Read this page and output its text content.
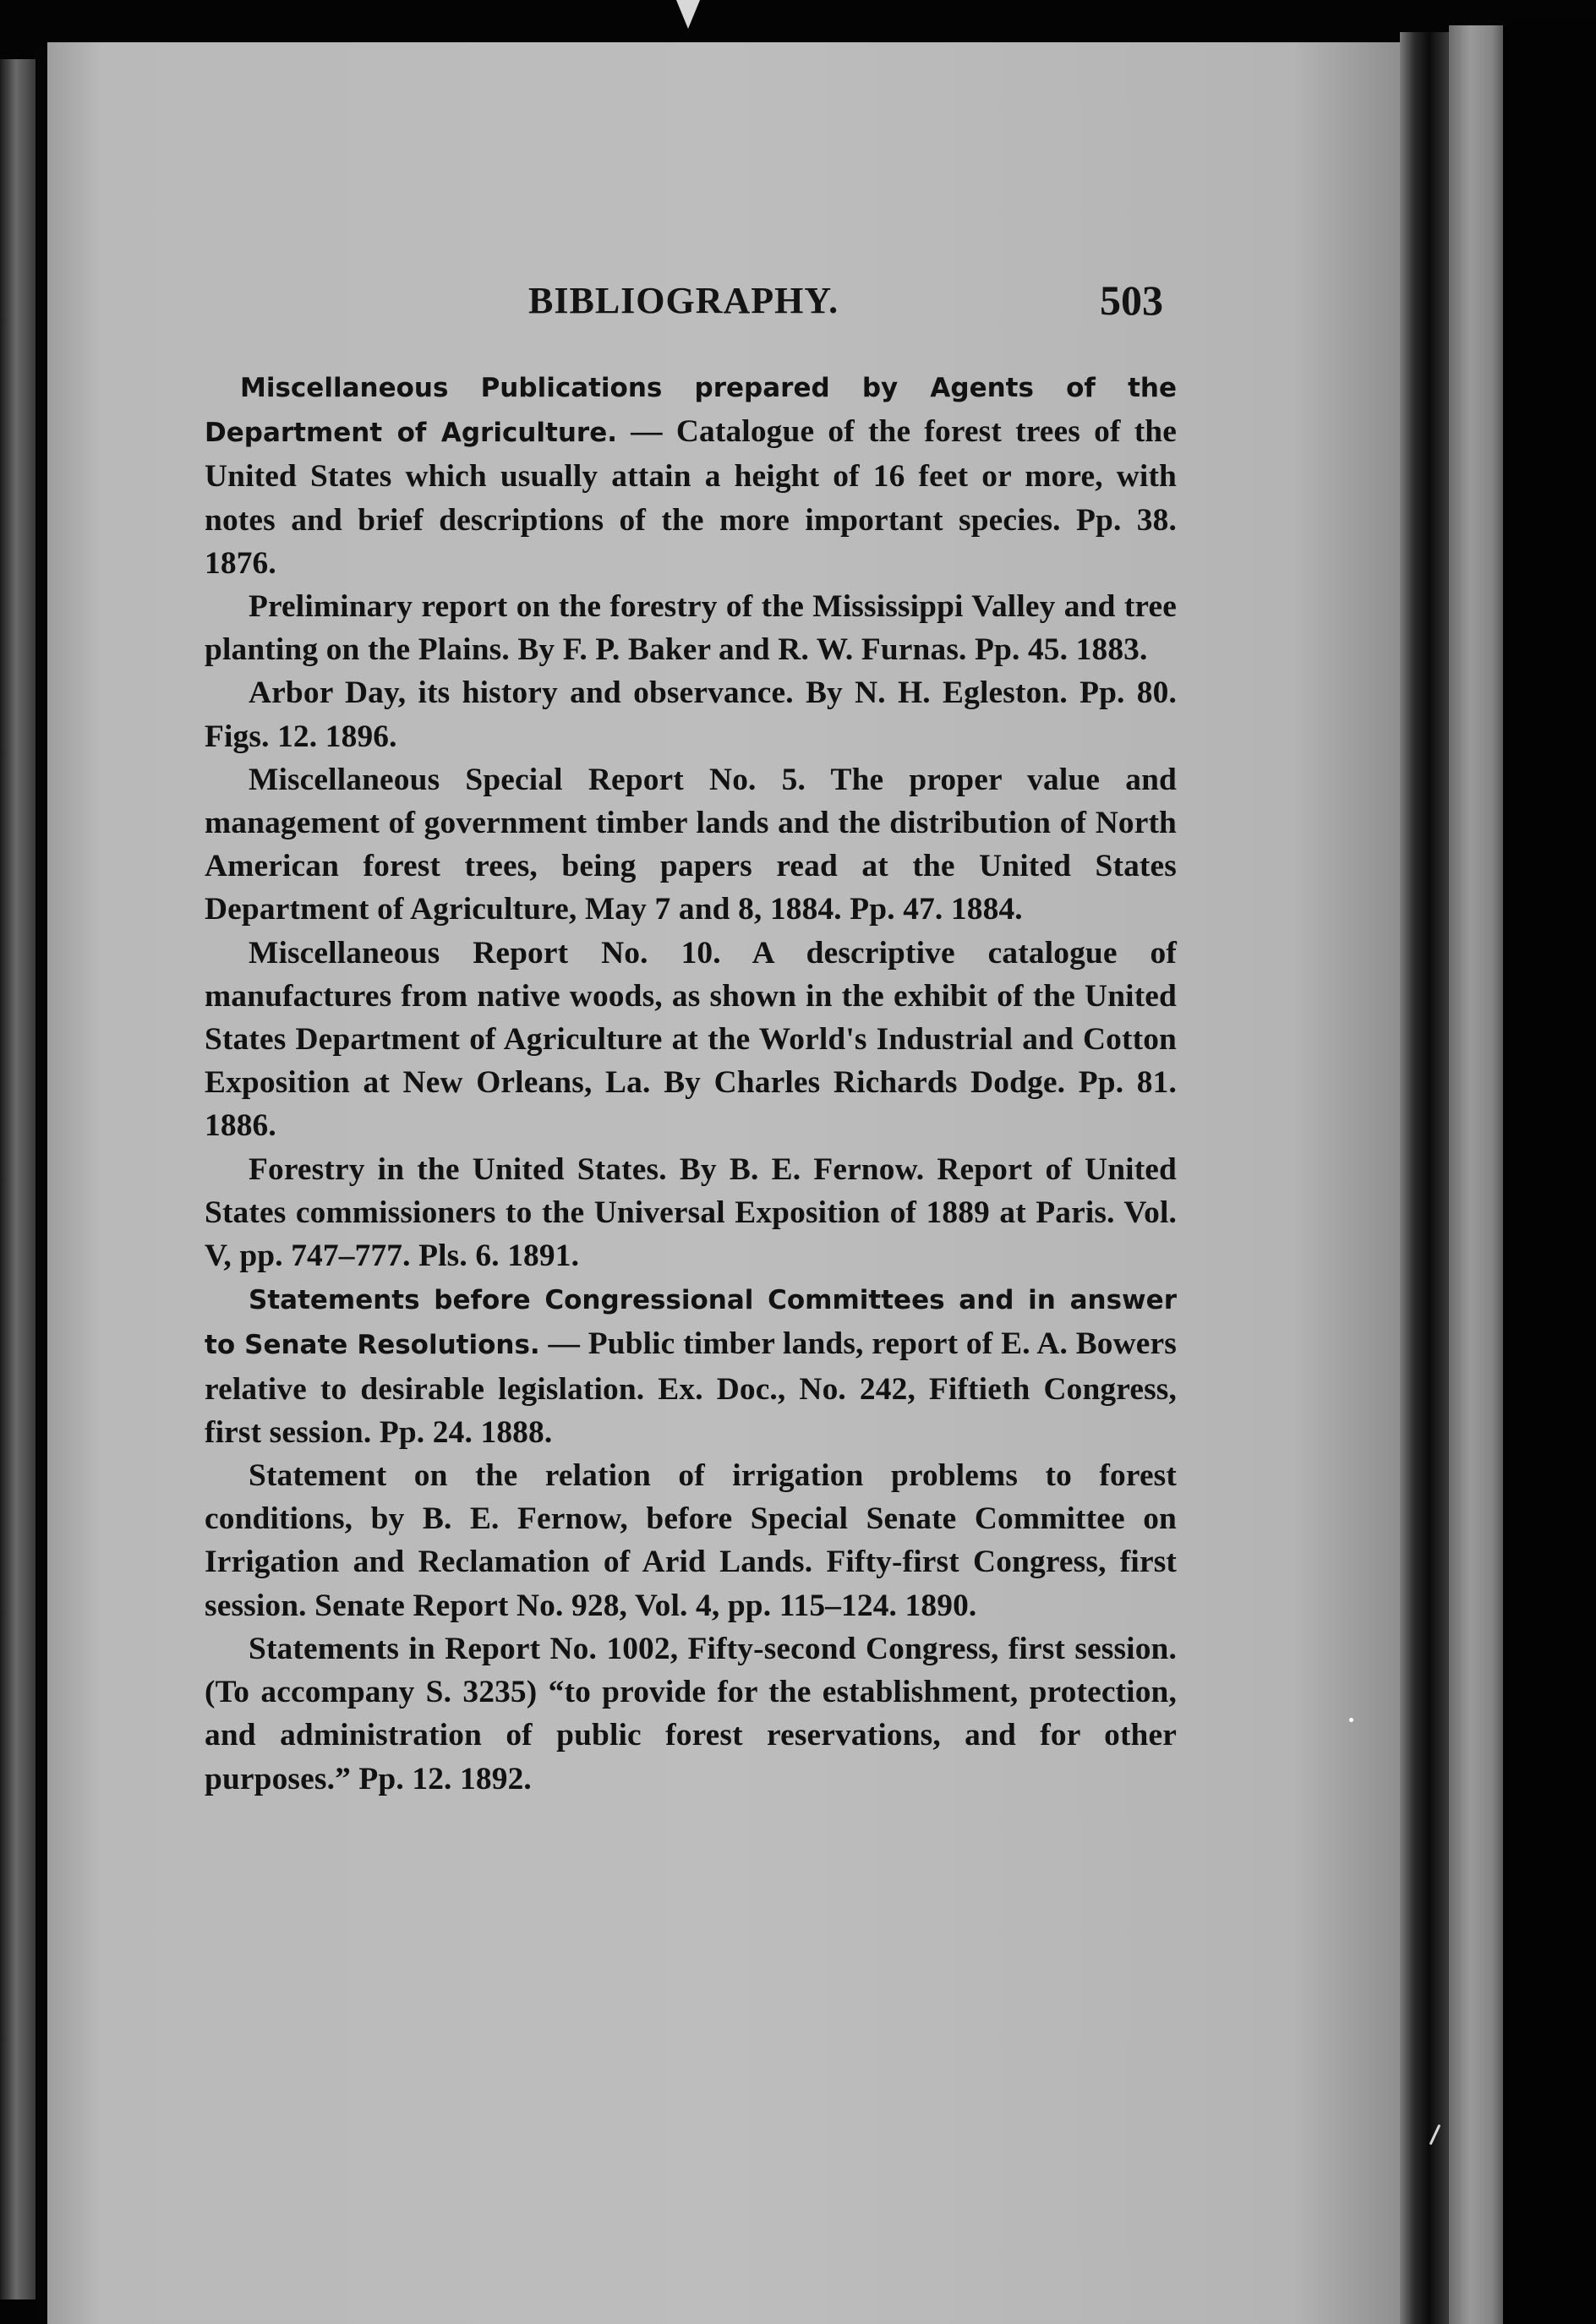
BIBLIOGRAPHY.	503

Miscellaneous Publications prepared by Agents of the Department of Agriculture. — Catalogue of the forest trees of the United States which usually attain a height of 16 feet or more, with notes and brief descriptions of the more important species. Pp. 38. 1876.

Preliminary report on the forestry of the Mississippi Valley and tree planting on the Plains. By F. P. Baker and R. W. Furnas. Pp. 45. 1883.

Arbor Day, its history and observance. By N. H. Egleston. Pp. 80. Figs. 12. 1896.

Miscellaneous Special Report No. 5. The proper value and management of government timber lands and the distribution of North American forest trees, being papers read at the United States Department of Agriculture, May 7 and 8, 1884. Pp. 47. 1884.

Miscellaneous Report No. 10. A descriptive catalogue of manufactures from native woods, as shown in the exhibit of the United States Department of Agriculture at the World's Industrial and Cotton Exposition at New Orleans, La. By Charles Richards Dodge. Pp. 81. 1886.

Forestry in the United States. By B. E. Fernow. Report of United States commissioners to the Universal Exposition of 1889 at Paris. Vol. V, pp. 747–777. Pls. 6. 1891.

Statements before Congressional Committees and in answer to Senate Resolutions. — Public timber lands, report of E. A. Bowers relative to desirable legislation. Ex. Doc., No. 242, Fiftieth Congress, first session. Pp. 24. 1888.

Statement on the relation of irrigation problems to forest conditions, by B. E. Fernow, before Special Senate Committee on Irrigation and Reclamation of Arid Lands. Fifty-first Congress, first session. Senate Report No. 928, Vol. 4, pp. 115–124. 1890.

Statements in Report No. 1002, Fifty-second Congress, first session. (To accompany S. 3235) “to provide for the establishment, protection, and administration of public forest reservations, and for other purposes.” Pp. 12. 1892.
